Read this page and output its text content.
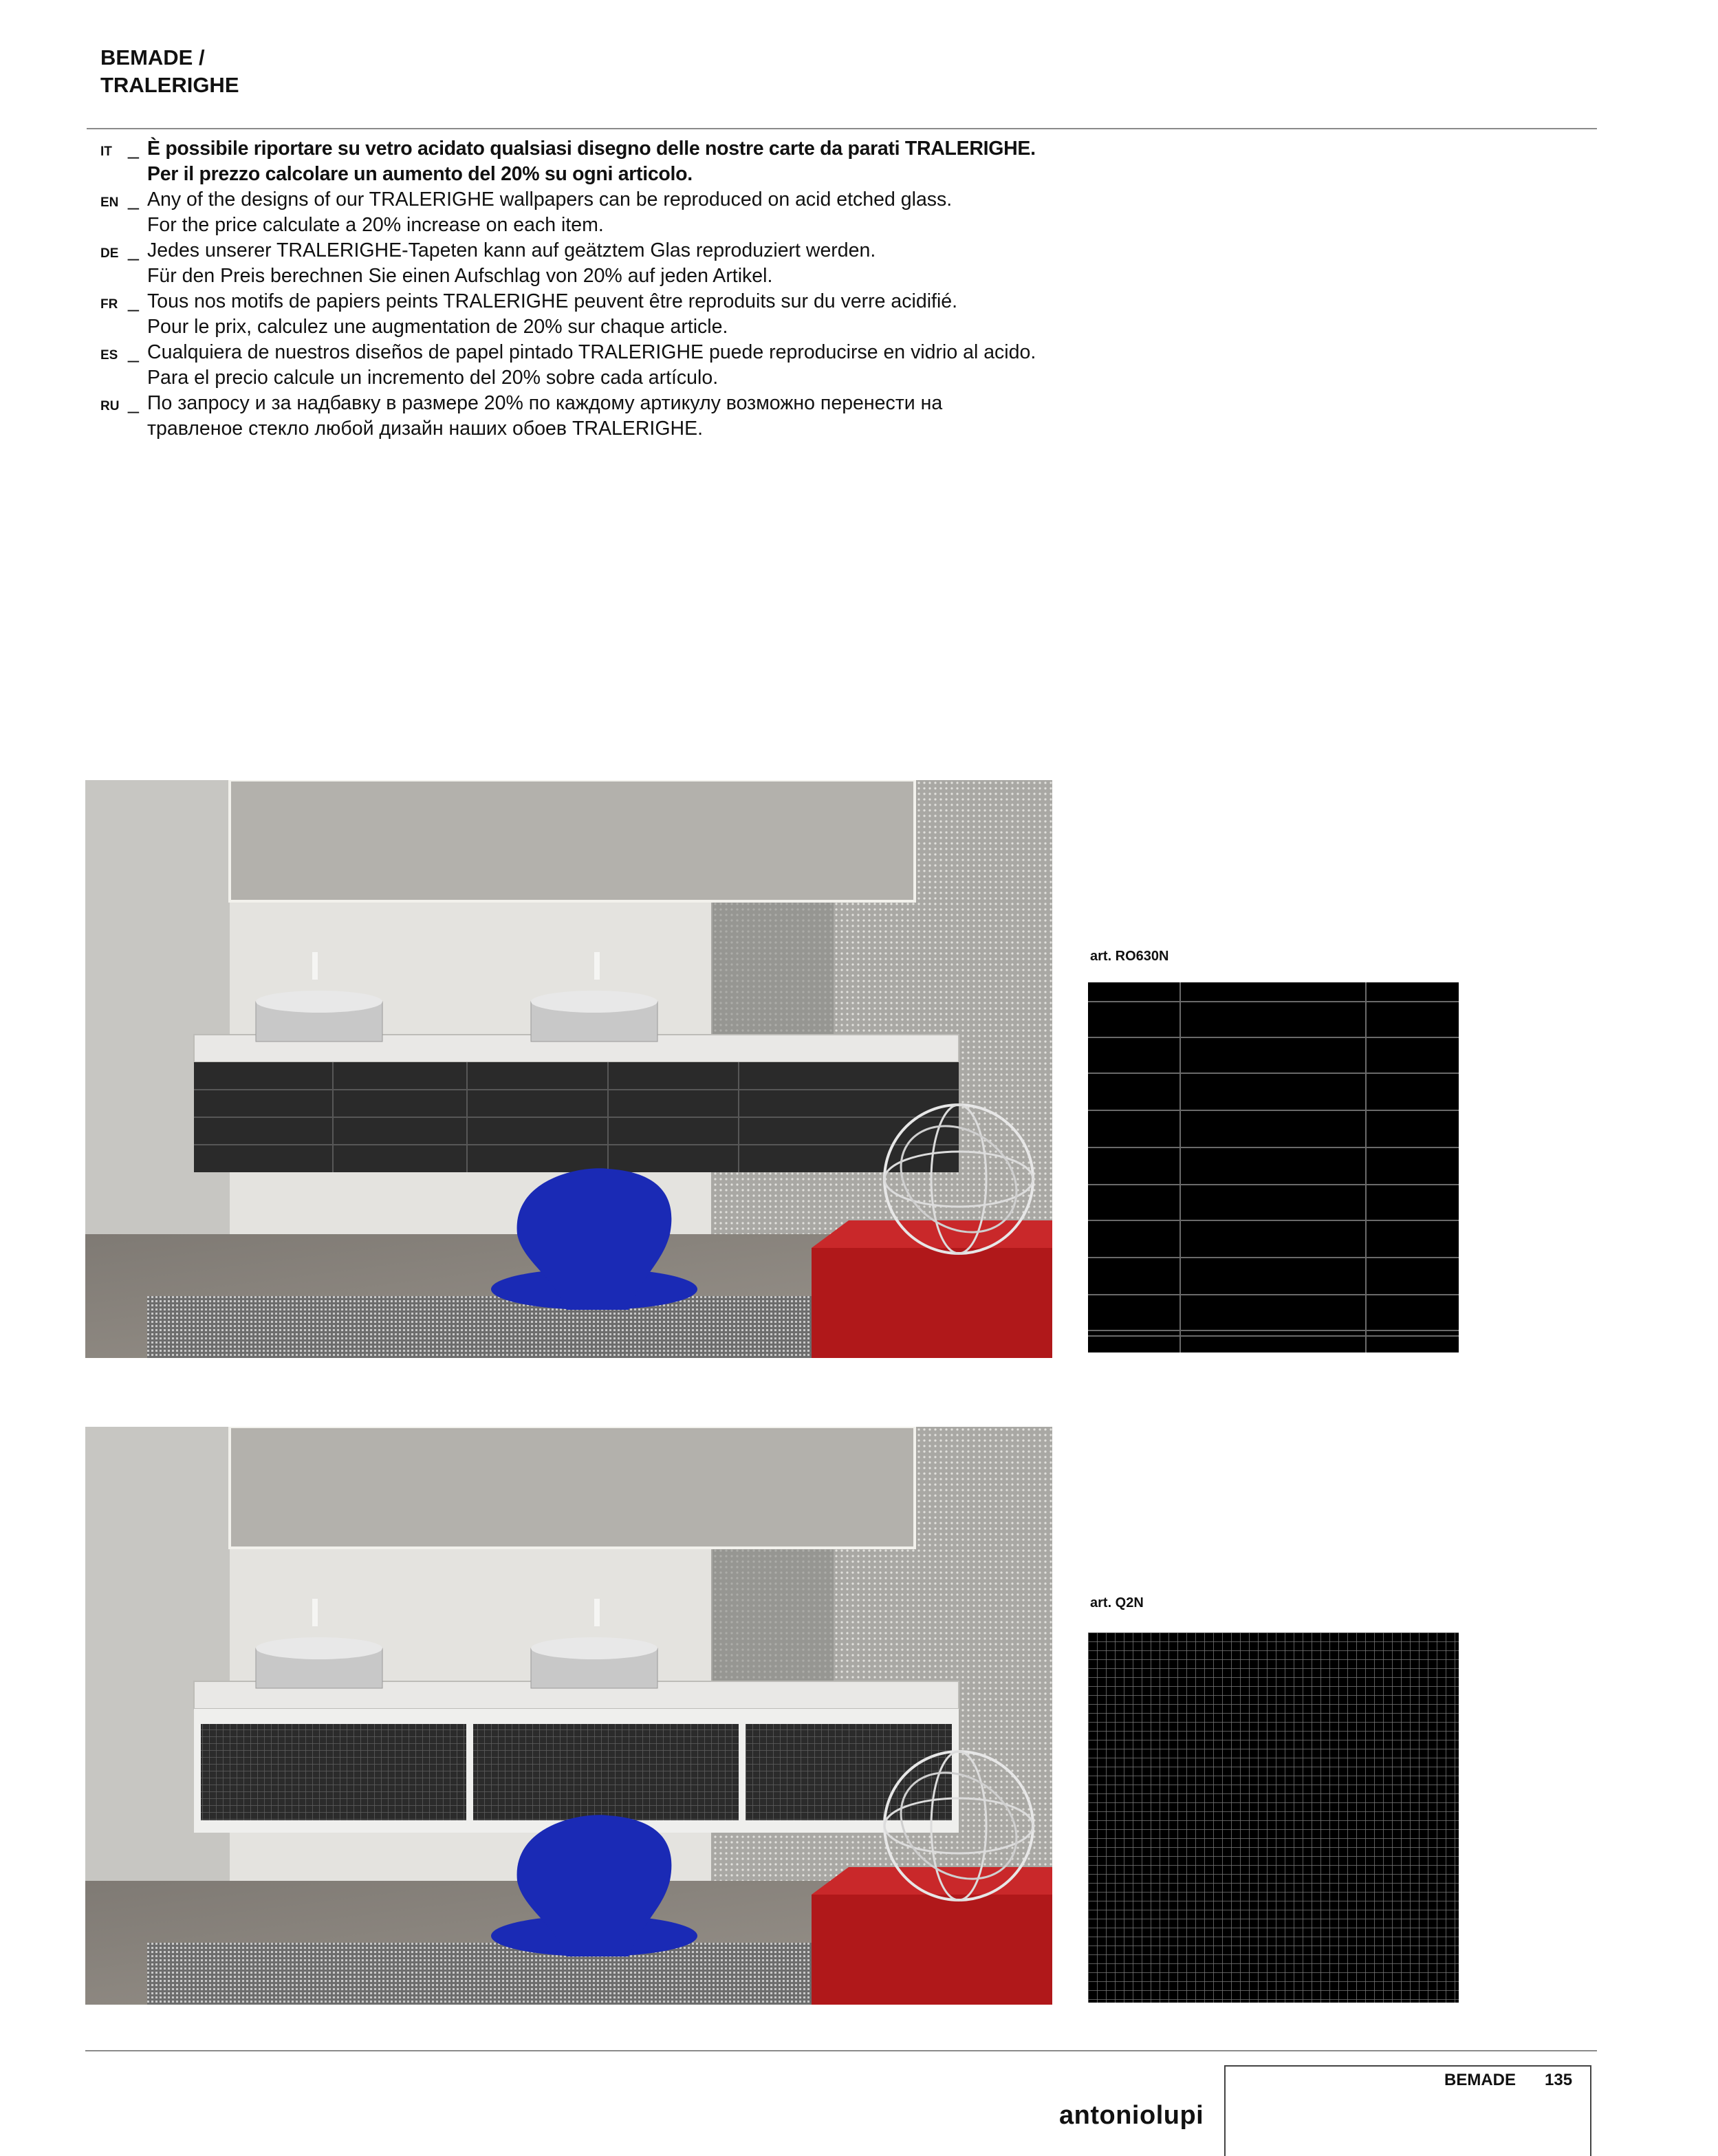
BEMADE /
TRALERIGHE
IT _ È possibile riportare su vetro acidato qualsiasi disegno delle nostre carte da parati TRALERIGHE.
Per il prezzo calcolare un aumento del 20% su ogni articolo.
EN _ Any of the designs of our TRALERIGHE wallpapers can be reproduced on acid etched glass.
For the price calculate a 20% increase on each item.
DE _ Jedes unserer TRALERIGHE-Tapeten kann auf geätztem Glas reproduziert werden.
Für den Preis berechnen Sie einen Aufschlag von 20% auf jeden Artikel.
FR _ Tous nos motifs de papiers peints TRALERIGHE peuvent être reproduits sur du verre acidifié.
Pour le prix, calculez une augmentation de 20% sur chaque article.
ES _ Cualquiera de nuestros diseños de papel pintado TRALERIGHE puede reproducirse en vidrio al acido.
Para el precio calcule un incremento del 20% sobre cada artículo.
RU _ По запросу и за надбавку в размере 20% по каждому артикулу возможно перенести на
травленое стекло любой дизайн наших обоев TRALERIGHE.
art. RO630N
art. Q2N
antoniolupi
BEMADE 135
